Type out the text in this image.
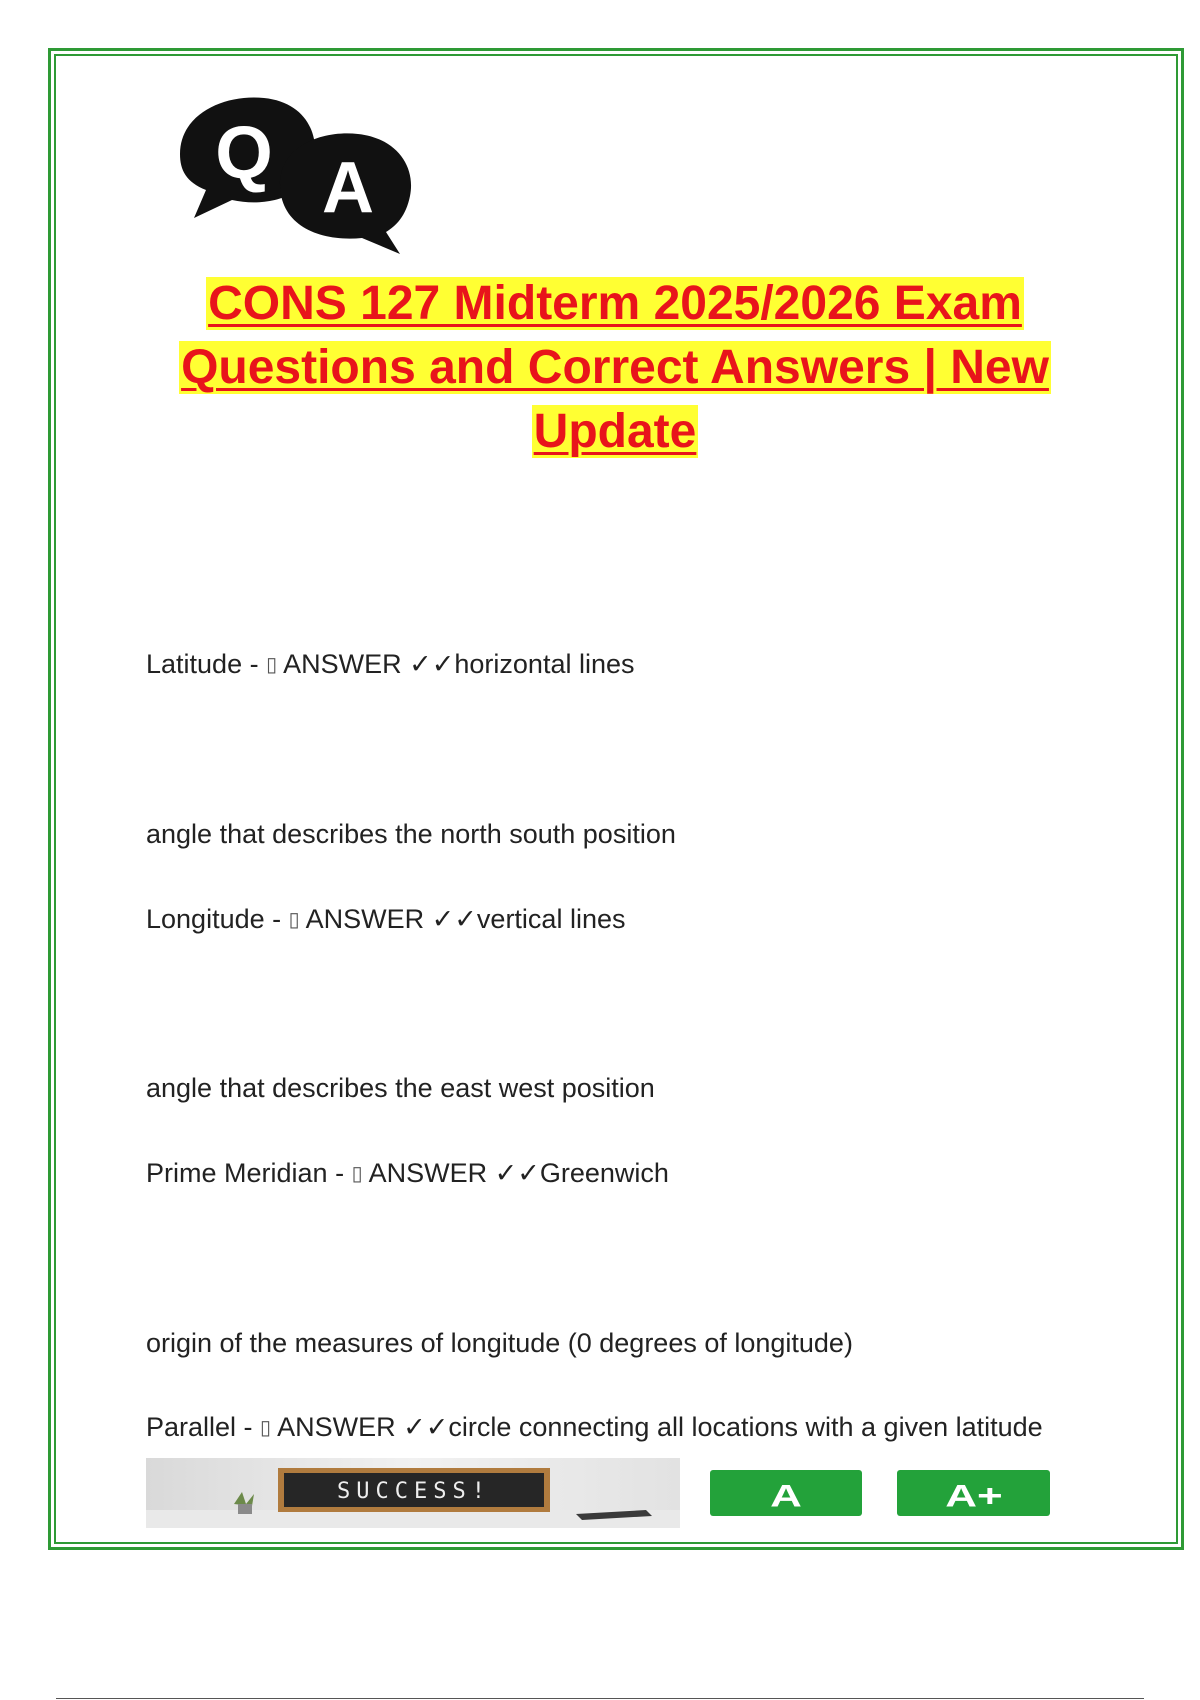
Q A
CONS 127 Midterm 2025/2026 Exam Questions and Correct Answers | New Update
Latitude - ▯ ANSWER ✓✓horizontal lines
angle that describes the north south position
Longitude - ▯ ANSWER ✓✓vertical lines
angle that describes the east west position
Prime Meridian - ▯ ANSWER ✓✓Greenwich
origin of the measures of longitude (0 degrees of longitude)
Parallel - ▯ ANSWER ✓✓circle connecting all locations with a given latitude
SUCCESS!	A	A+
